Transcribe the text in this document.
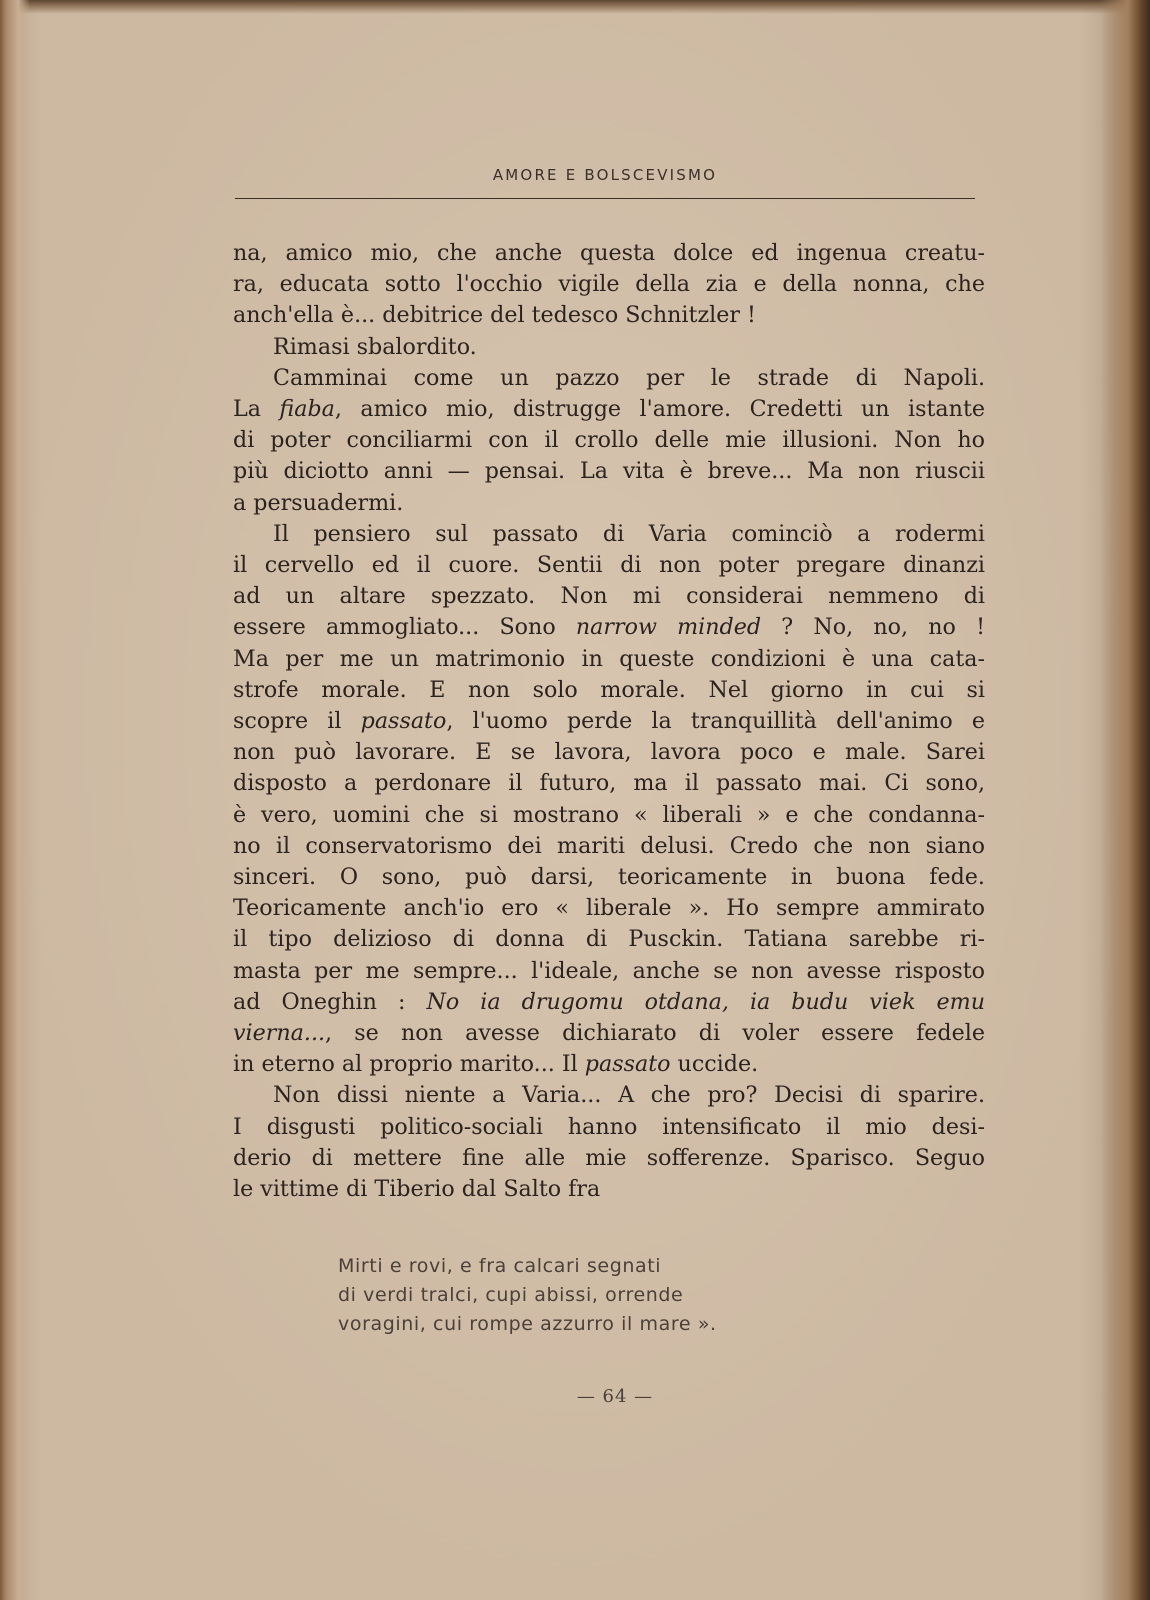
AMORE E BOLSCEVISMO
na, amico mio, che anche questa dolce ed ingenua creatu-
ra, educata sotto l'occhio vigile della zia e della nonna, che
anch'ella è... debitrice del tedesco Schnitzler !
Rimasi sbalordito.
Camminai come un pazzo per le strade di Napoli.
La fiaba, amico mio, distrugge l'amore. Credetti un istante
di poter conciliarmi con il crollo delle mie illusioni. Non ho
più diciotto anni — pensai. La vita è breve... Ma non riuscii
a persuadermi.
Il pensiero sul passato di Varia cominciò a rodermi
il cervello ed il cuore. Sentii di non poter pregare dinanzi
ad un altare spezzato. Non mi considerai nemmeno di
essere ammogliato... Sono narrow minded ? No, no, no !
Ma per me un matrimonio in queste condizioni è una cata-
strofe morale. E non solo morale. Nel giorno in cui si
scopre il passato, l'uomo perde la tranquillità dell'animo e
non può lavorare. E se lavora, lavora poco e male. Sarei
disposto a perdonare il futuro, ma il passato mai. Ci sono,
è vero, uomini che si mostrano « liberali » e che condanna-
no il conservatorismo dei mariti delusi. Credo che non siano
sinceri. O sono, può darsi, teoricamente in buona fede.
Teoricamente anch'io ero « liberale ». Ho sempre ammirato
il tipo delizioso di donna di Pusckin. Tatiana sarebbe ri-
masta per me sempre... l'ideale, anche se non avesse risposto
ad Oneghin : No ia drugomu otdana, ia budu viek emu
vierna..., se non avesse dichiarato di voler essere fedele
in eterno al proprio marito... Il passato uccide.
Non dissi niente a Varia... A che pro? Decisi di sparire.
I disgusti politico-sociali hanno intensificato il mio desi-
derio di mettere fine alle mie sofferenze. Sparisco. Seguo
le vittime di Tiberio dal Salto fra
Mirti e rovi, e fra calcari segnati
di verdi tralci, cupi abissi, orrende
voragini, cui rompe azzurro il mare ».
— 64 —
